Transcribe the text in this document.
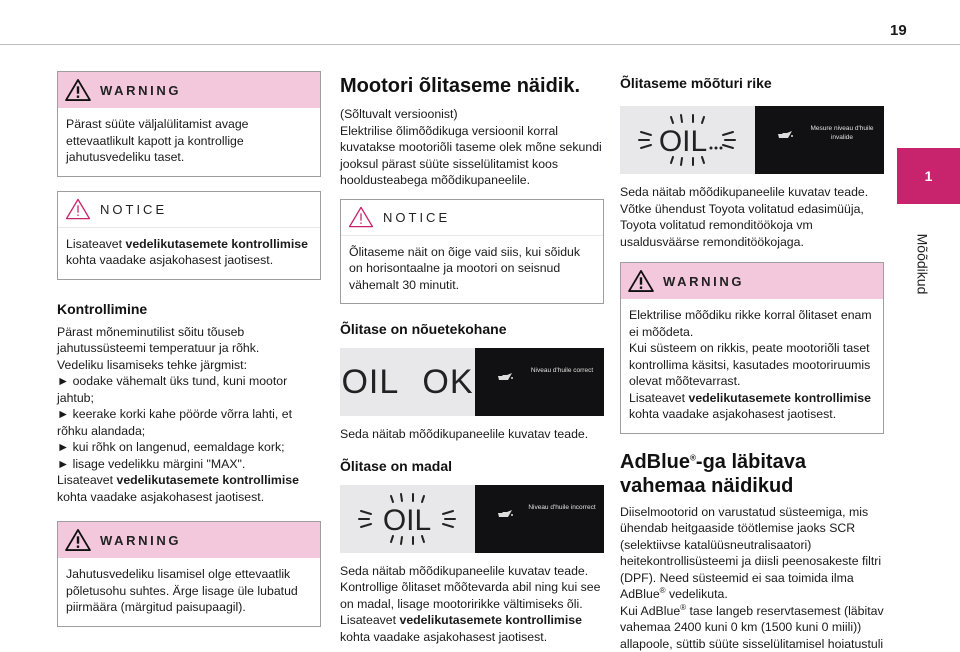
19
1
Mõõdikud
WARNING
Pärast süüte väljalülitamist avage ettevaatlikult kapott ja kontrollige jahutusvedeliku taset.
NOTICE
Lisateavet vedelikutasemete kontrollimise kohta vaadake asjakohasest jaotisest.
Kontrollimine
Pärast mõneminutilist sõitu tõuseb jahutussüsteemi temperatuur ja rõhk.
Vedeliku lisamiseks tehke järgmist:
► oodake vähemalt üks tund, kuni mootor jahtub;
► keerake korki kahe pöörde võrra lahti, et rõhku alandada;
► kui rõhk on langenud, eemaldage kork;
► lisage vedelikku märgini "MAX".
Lisateavet vedelikutasemete kontrollimise kohta vaadake asjakohasest jaotisest.
WARNING
Jahutusvedeliku lisamisel olge ettevaatlik põletusohu suhtes. Ärge lisage üle lubatud piirmäära (märgitud paisupaagil).
Mootori õlitaseme näidik.
(Sõltuvalt versioonist)
Elektrilise õlimõõdikuga versioonil korral kuvatakse mootoriõli taseme olek mõne sekundi jooksul pärast süüte sisselülitamist koos hooldusteabega mõõdikupaneelile.
NOTICE
Õlitaseme näit on õige vaid siis, kui sõiduk on horisontaalne ja mootori on seisnud vähemalt 30 minutit.
Õlitase on nõuetekohane
OIL OK	Niveau d'huile correct
Seda näitab mõõdikupaneelile kuvatav teade.
Õlitase on madal
OIL	Niveau d'huile incorrect
Seda näitab mõõdikupaneelile kuvatav teade.
Kontrollige õlitaset mõõtevarda abil ning kui see on madal, lisage mootoririkke vältimiseks õli.
Lisateavet vedelikutasemete kontrollimise kohta vaadake asjakohasest jaotisest.
Õlitaseme mõõturi rike
OIL	Mesure niveau d'huile invalide
Seda näitab mõõdikupaneelile kuvatav teade. Võtke ühendust Toyota volitatud edasimüüja, Toyota volitatud remonditöökoja vm usaldusväärse remonditöökojaga.
WARNING
Elektrilise mõõdiku rikke korral õlitaset enam ei mõõdeta.
Kui süsteem on rikkis, peate mootoriõli taset kontrollima käsitsi, kasutades mootoriruumis olevat mõõtevarrast.
Lisateavet vedelikutasemete kontrollimise kohta vaadake asjakohasest jaotisest.
AdBlue®-ga läbitava
vahemaa näidikud
Diiselmootorid on varustatud süsteemiga, mis ühendab heitgaaside töötlemise jaoks SCR (selektiivse katalüüsneutralisaatori) heitekontrollisüsteemi ja diisli peenosakeste filtri (DPF). Need süsteemid ei saa toimida ilma AdBlue® vedelikuta.
Kui AdBlue® tase langeb reservtasemest (läbitav vahemaa 2400 kuni 0 km (1500 kuni 0 miili)) allapoole, süttib süüte sisselülitamisel hoiatustuli
